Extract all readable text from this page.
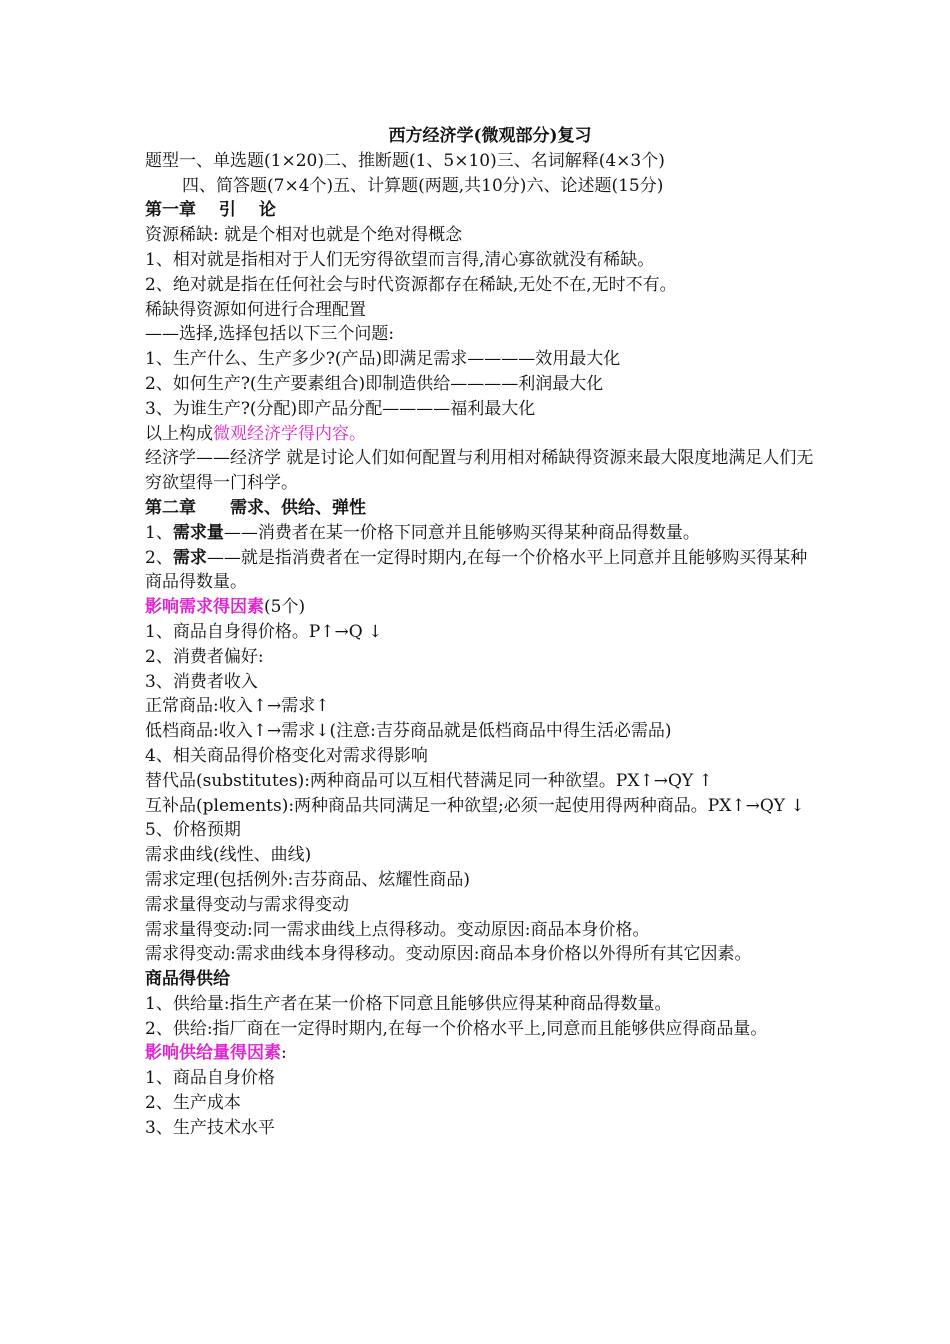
西方经济学(微观部分)复习
题型一、单选题(1×20)二、推断题(1、5×10)三、名词解释(4×3个)
四、简答题(7×4个)五、计算题(两题,共10分)六、论述题(15分)
第一章　 引　 论
资源稀缺: 就是个相对也就是个绝对得概念
1、相对就是指相对于人们无穷得欲望而言得,清心寡欲就没有稀缺。
2、绝对就是指在任何社会与时代资源都存在稀缺,无处不在,无时不有。
稀缺得资源如何进行合理配置
——选择,选择包括以下三个问题:
1、生产什么、生产多少?(产品)即满足需求————效用最大化
2、如何生产?(生产要素组合)即制造供给————利润最大化
3、为谁生产?(分配)即产品分配————福利最大化
以上构成微观经济学得内容。
经济学——经济学 就是讨论人们如何配置与利用相对稀缺得资源来最大限度地满足人们无穷欲望得一门科学。
第二章　　需求、供给、弹性
1、需求量——消费者在某一价格下同意并且能够购买得某种商品得数量。
2、需求——就是指消费者在一定得时期内,在每一个价格水平上同意并且能够购买得某种商品得数量。
影响需求得因素(5个)
1、商品自身得价格。P↑→Q ↓
2、消费者偏好:
3、消费者收入
正常商品:收入↑→需求↑
低档商品:收入↑→需求↓(注意:吉芬商品就是低档商品中得生活必需品)
4、相关商品得价格变化对需求得影响
替代品(substitutes):两种商品可以互相代替满足同一种欲望。PX↑→QY ↑
互补品(plements):两种商品共同满足一种欲望;必须一起使用得两种商品。PX↑→QY ↓
5、价格预期
需求曲线(线性、曲线)
需求定理(包括例外:吉芬商品、炫耀性商品)
需求量得变动与需求得变动
需求量得变动:同一需求曲线上点得移动。变动原因:商品本身价格。
需求得变动:需求曲线本身得移动。变动原因:商品本身价格以外得所有其它因素。
商品得供给
1、供给量:指生产者在某一价格下同意且能够供应得某种商品得数量。
2、供给:指厂商在一定得时期内,在每一个价格水平上,同意而且能够供应得商品量。
影响供给量得因素:
1、商品自身价格
2、生产成本
3、生产技术水平
